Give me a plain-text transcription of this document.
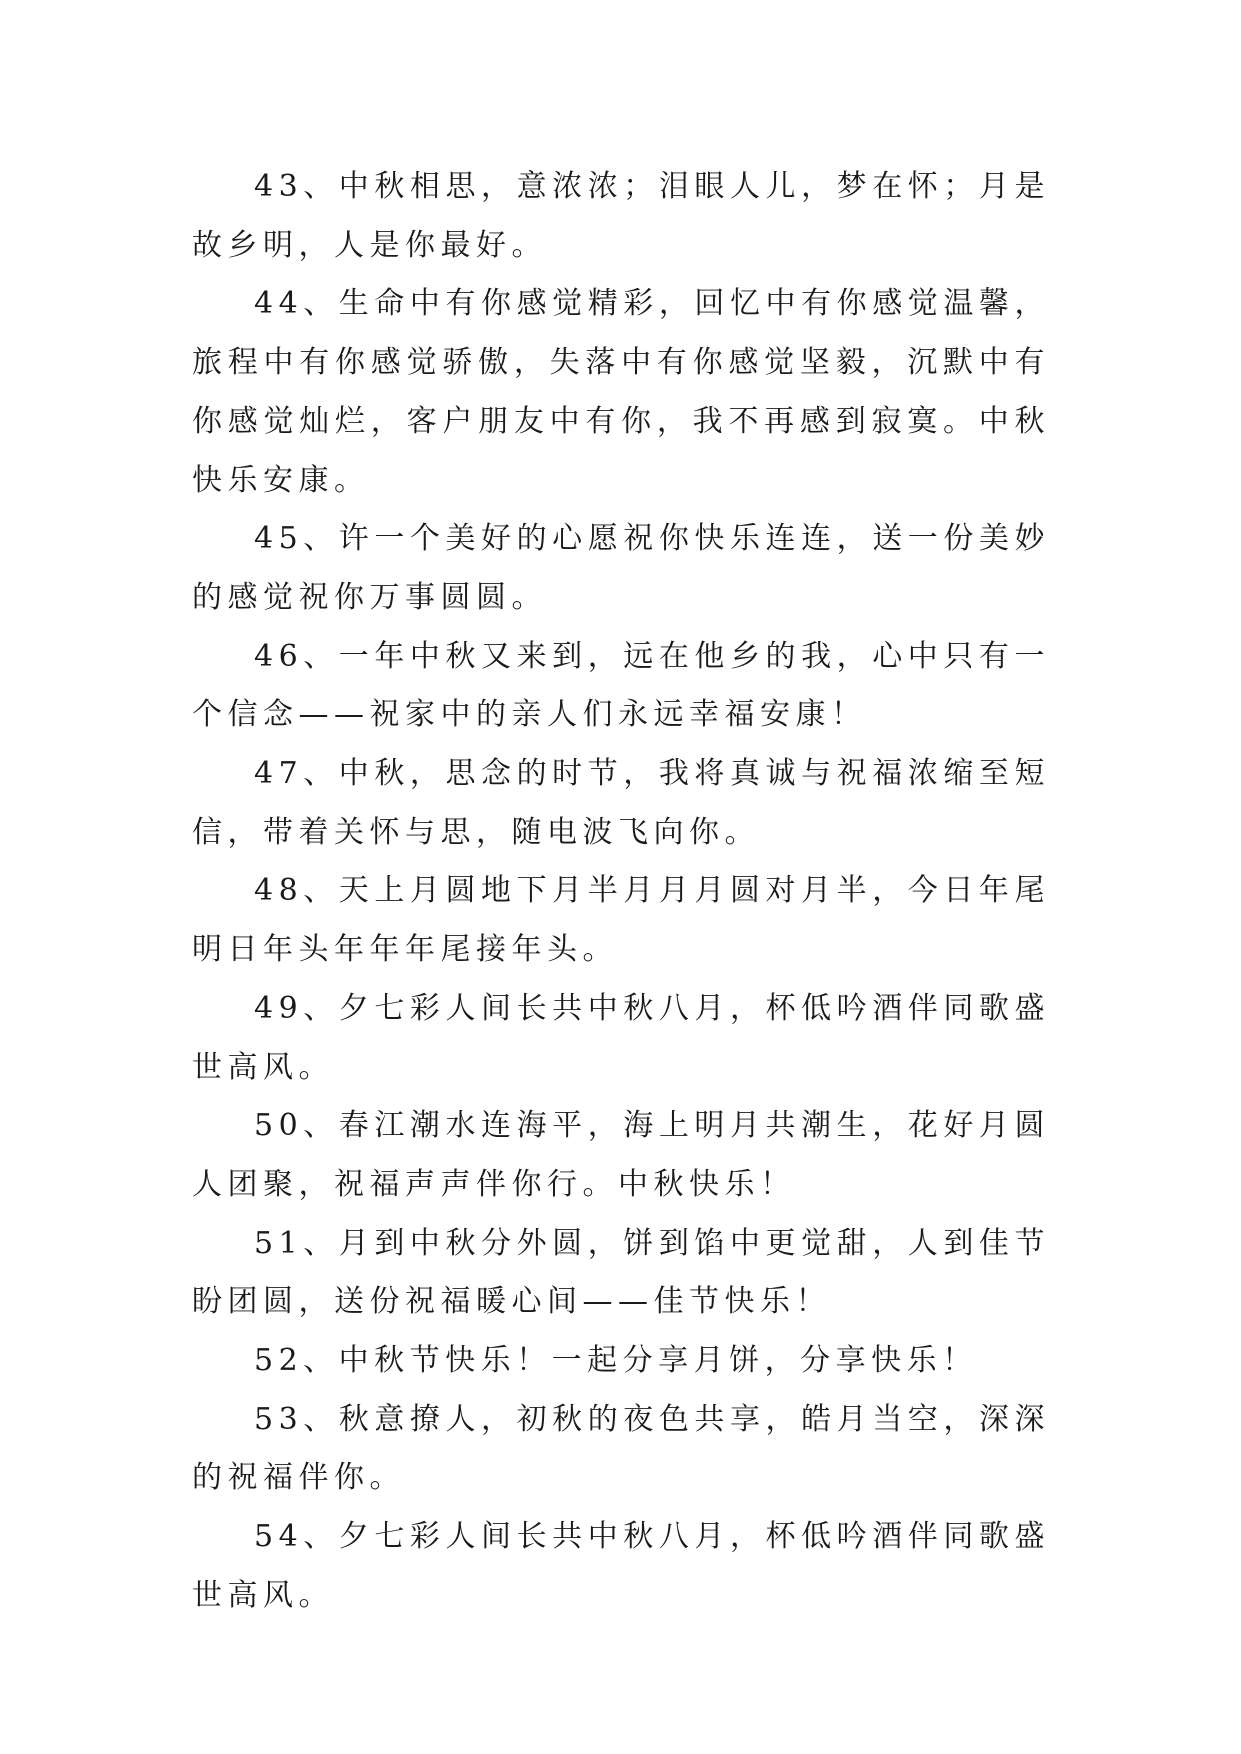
43、中秋相思，意浓浓；泪眼人儿，梦在怀；月是故乡明，人是你最好。

44、生命中有你感觉精彩，回忆中有你感觉温馨，旅程中有你感觉骄傲，失落中有你感觉坚毅，沉默中有你感觉灿烂，客户朋友中有你，我不再感到寂寞。中秋快乐安康。

45、许一个美好的心愿祝你快乐连连，送一份美妙的感觉祝你万事圆圆。

46、一年中秋又来到，远在他乡的我，心中只有一个信念——祝家中的亲人们永远幸福安康！

47、中秋，思念的时节，我将真诚与祝福浓缩至短信，带着关怀与思，随电波飞向你。

48、天上月圆地下月半月月月圆对月半，今日年尾明日年头年年年尾接年头。

49、夕七彩人间长共中秋八月，杯低吟酒伴同歌盛世高风。

50、春江潮水连海平，海上明月共潮生，花好月圆人团聚，祝福声声伴你行。中秋快乐！

51、月到中秋分外圆，饼到馅中更觉甜，人到佳节盼团圆，送份祝福暖心间——佳节快乐！

52、中秋节快乐！一起分享月饼，分享快乐！

53、秋意撩人，初秋的夜色共享，皓月当空，深深的祝福伴你。

54、夕七彩人间长共中秋八月，杯低吟酒伴同歌盛世高风。
